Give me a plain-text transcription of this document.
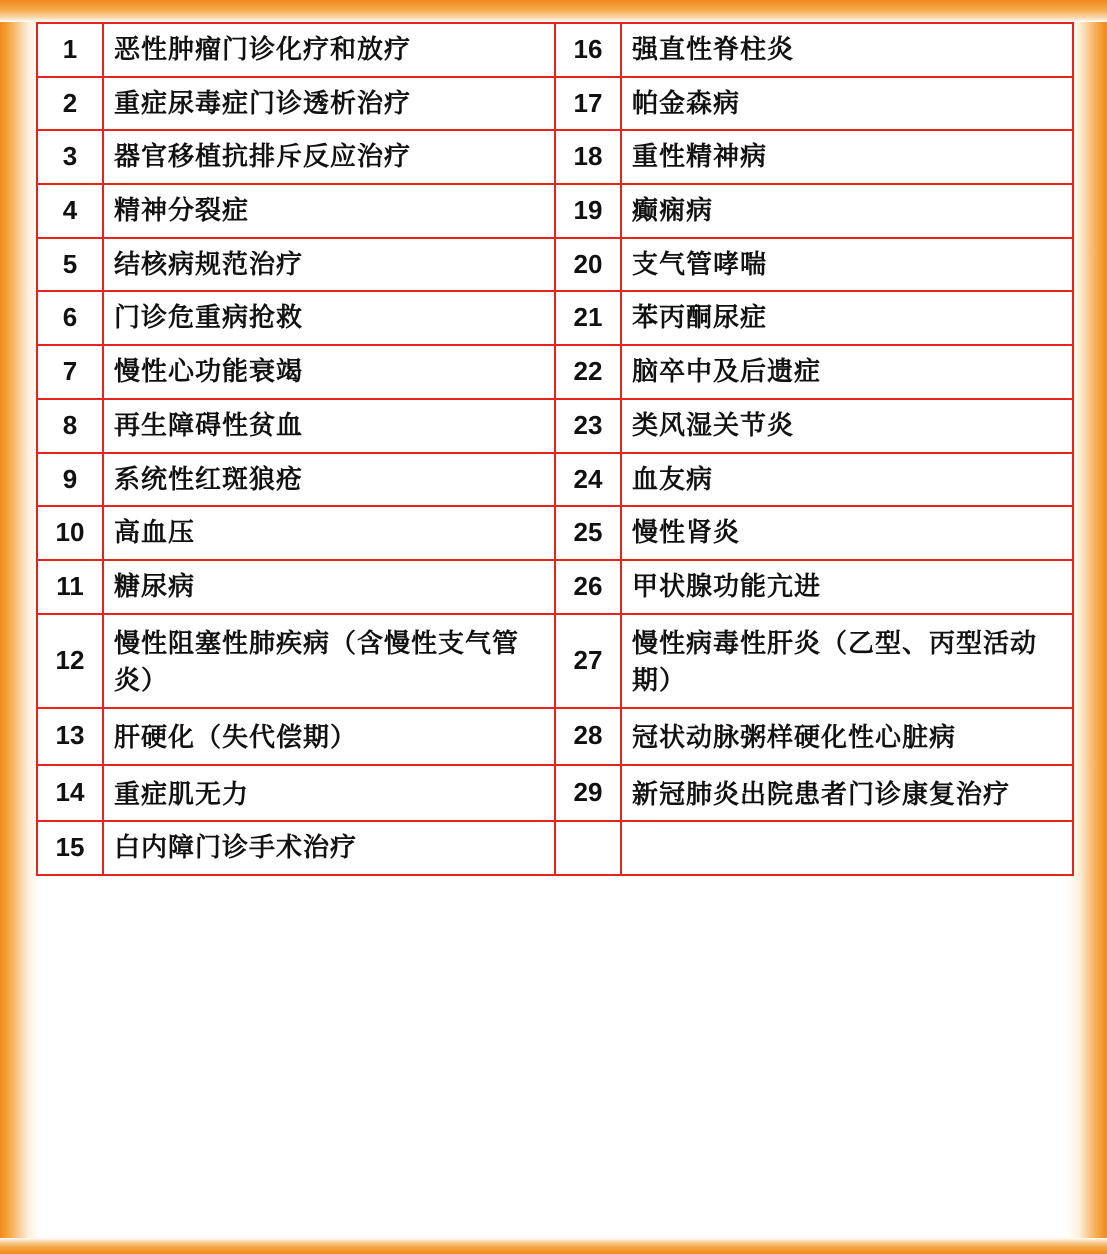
1	恶性肿瘤门诊化疗和放疗	16	强直性脊柱炎
2	重症尿毒症门诊透析治疗	17	帕金森病
3	器官移植抗排斥反应治疗	18	重性精神病
4	精神分裂症	19	癫痫病
5	结核病规范治疗	20	支气管哮喘
6	门诊危重病抢救	21	苯丙酮尿症
7	慢性心功能衰竭	22	脑卒中及后遗症
8	再生障碍性贫血	23	类风湿关节炎
9	系统性红斑狼疮	24	血友病
10	高血压	25	慢性肾炎
11	糖尿病	26	甲状腺功能亢进
12	慢性阻塞性肺疾病（含慢性支气管炎）	27	慢性病毒性肝炎（乙型、丙型活动期）
13	肝硬化（失代偿期）	28	冠状动脉粥样硬化性心脏病
14	重症肌无力	29	新冠肺炎出院患者门诊康复治疗
15	白内障门诊手术治疗		
